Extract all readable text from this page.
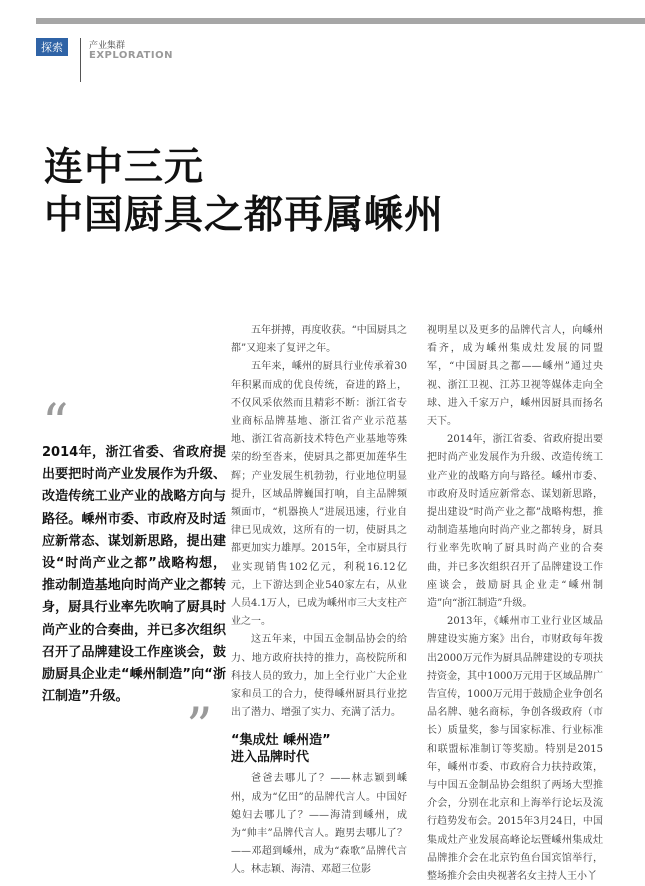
探索	产业集群
EXPLORATION
连中三元
中国厨具之都再属嵊州
“

2014年，浙江省委、省政府提出要把时尚产业发展作为升级、改造传统工业产业的战略方向与路径。嵊州市委、市政府及时适应新常态、谋划新思路，提出建设“时尚产业之都”战略构想，推动制造基地向时尚产业之都转身，厨具行业率先吹响了厨具时尚产业的合奏曲，并已多次组织召开了品牌建设工作座谈会，鼓励厨具企业走“嵊州制造”向“浙江制造”升级。

”

五年拼搏，再度收获。“中国厨具之都”又迎来了复评之年。

五年来，嵊州的厨具行业传承着30年积累而成的优良传统，奋进的路上，不仅风采依然而且精彩不断：浙江省专业商标品牌基地、浙江省产业示范基地、浙江省高新技术特色产业基地等殊荣的纷至沓来，使厨具之都更加莲华生辉；产业发展生机勃勃，行业地位明显提升，区域品牌巍国打响，自主品牌频频面市，“机器换人”进展迅速，行业自律已见成效，这所有的一切，使厨具之都更加实力雄厚。2015年，全市厨具行业实现销售102亿元，利税16.12亿元，上下游达到企业540家左右，从业人员4.1万人，已成为嵊州市三大支柱产业之一。

这五年来，中国五金制品协会的给力、地方政府扶持的推力，高校院所和科技人员的致力，加上全行业广大企业家和员工的合力，使得嵊州厨具行业挖出了潜力、增强了实力、充满了活力。

“集成灶 嵊州造”
进入品牌时代

爸爸去哪儿了？——林志颖到嵊州，成为“亿田”的品牌代言人。中国好媳妇去哪儿了？——海清到嵊州，成为“帅丰”品牌代言人。跑男去哪儿了？——邓超到嵊州，成为“森歌”品牌代言人。林志颖、海清、邓超三位影

视明星以及更多的品牌代言人，向嵊州看齐，成为嵊州集成灶发展的同盟军，“中国厨具之都——嵊州”通过央视、浙江卫视、江苏卫视等媒体走向全球、进入千家万户，嵊州因厨具而扬名天下。

2014年，浙江省委、省政府提出要把时尚产业发展作为升级、改造传统工业产业的战略方向与路径。嵊州市委、市政府及时适应新常态、谋划新思路，提出建设“时尚产业之都”战略构想，推动制造基地向时尚产业之都转身，厨具行业率先吹响了厨具时尚产业的合奏曲，并已多次组织召开了品牌建设工作座谈会，鼓励厨具企业走“嵊州制造”向“浙江制造”升级。

2013年，《嵊州市工业行业区域品牌建设实施方案》出台，市财政每年拨出2000万元作为厨具品牌建设的专项扶持资金，其中1000万元用于区域品牌广告宣传，1000万元用于鼓励企业争创名品名牌、驰名商标，争创各级政府（市长）质量奖，参与国家标准、行业标准和联盟标准制订等奖励。特别是2015年，嵊州市委、市政府合力扶持政策，与中国五金制品协会组织了两场大型推介会，分别在北京和上海举行论坛及流行趋势发布会。2015年3月24日，中国集成灶产业发展高峰论坛暨嵊州集成灶品牌推介会在北京钓鱼台国宾馆举行，整场推介会由央视著名女主持人王小丫
